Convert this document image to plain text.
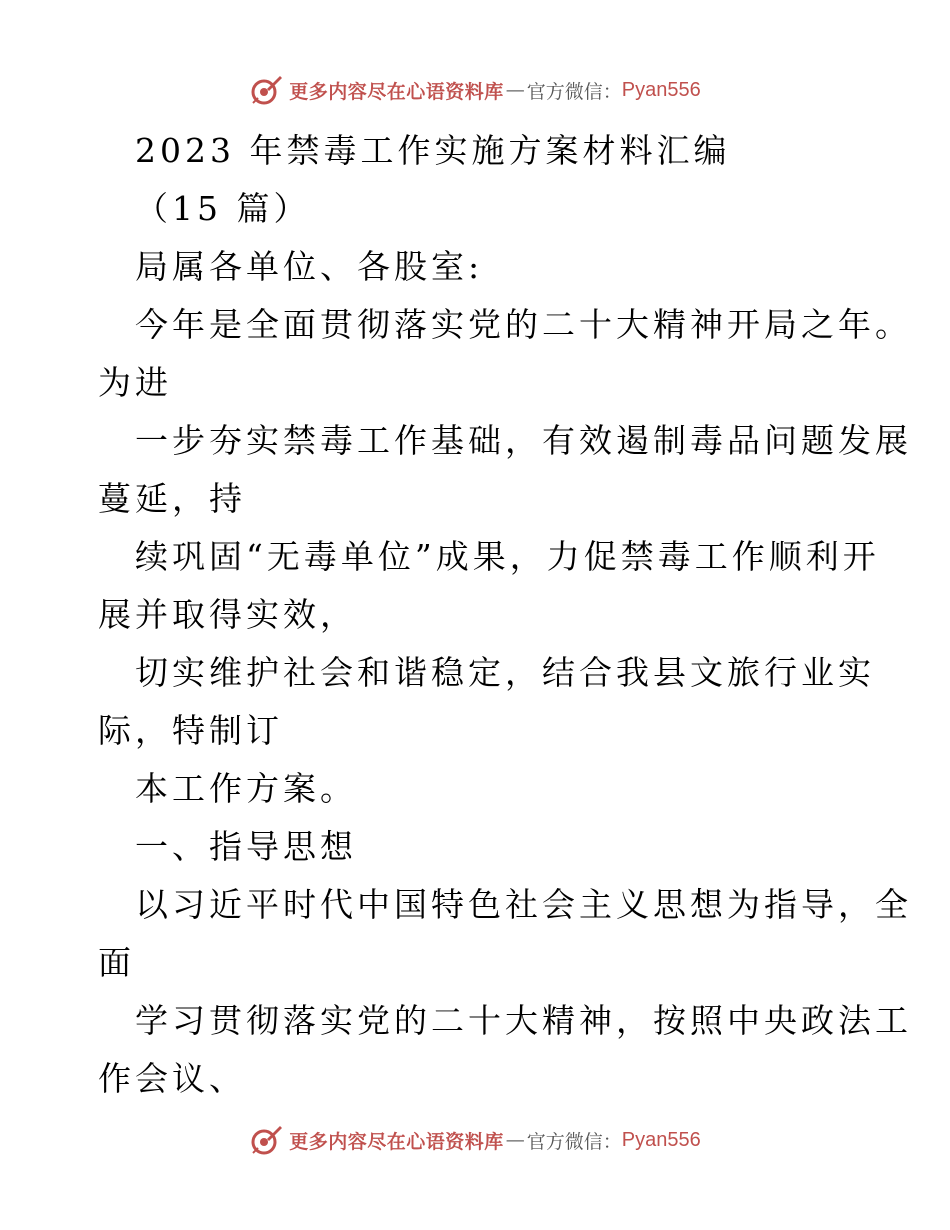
更多内容尽在心语资料库 — 官方微信： Pyan556
2023 年禁毒工作实施方案材料汇编
（15 篇）
局属各单位、各股室:
今年是全面贯彻落实党的二十大精神开局之年。
为进
一步夯实禁毒工作基础，有效遏制毒品问题发展
蔓延，持
续巩固“无毒单位”成果，力促禁毒工作顺利开
展并取得实效，
切实维护社会和谐稳定，结合我县文旅行业实
际，特制订
本工作方案。
一、指导思想
以习近平时代中国特色社会主义思想为指导，全
面
学习贯彻落实党的二十大精神，按照中央政法工
作会议、
更多内容尽在心语资料库 — 官方微信： Pyan556
